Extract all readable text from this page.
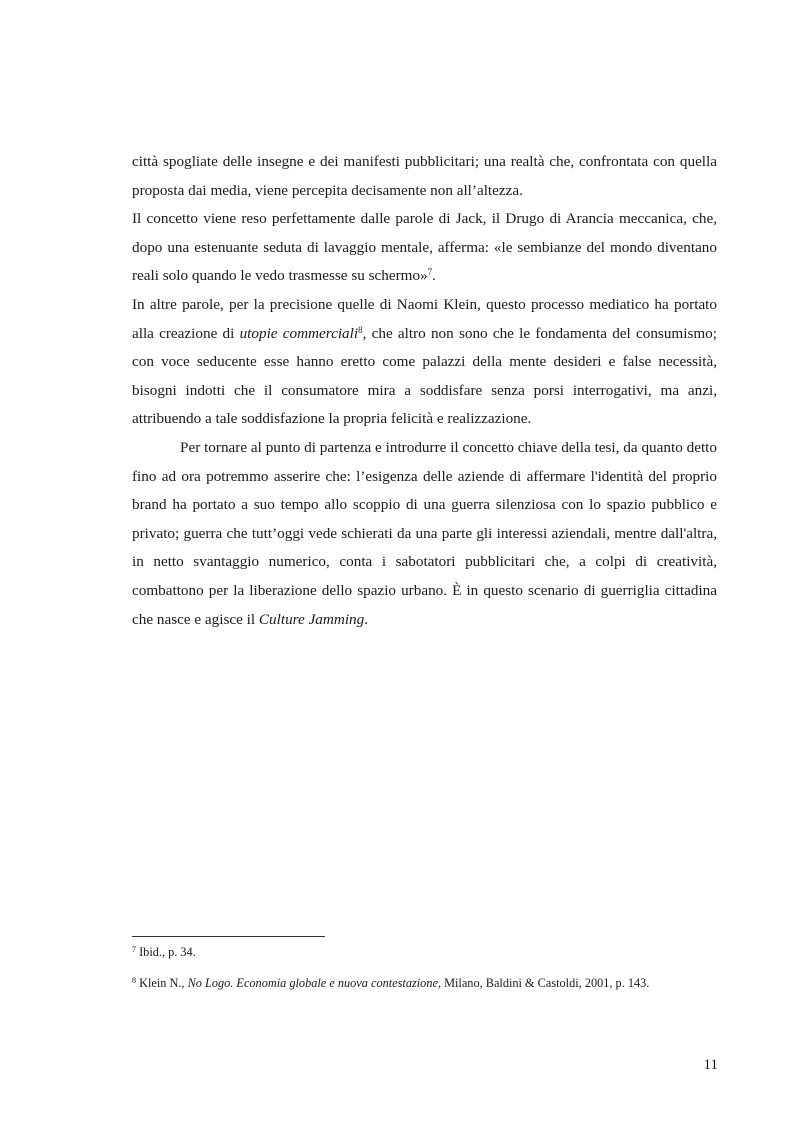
città spogliate delle insegne e dei manifesti pubblicitari; una realtà che, confrontata con quella proposta dai media, viene percepita decisamente non all’altezza.

Il concetto viene reso perfettamente dalle parole di Jack, il Drugo di Arancia meccanica, che, dopo una estenuante seduta di lavaggio mentale, afferma: «le sembianze del mondo diventano reali solo quando le vedo trasmesse su schermo»$^7$.

In altre parole, per la precisione quelle di Naomi Klein, questo processo mediatico ha portato alla creazione di utopie commerciali$^8$, che altro non sono che le fondamenta del consumismo; con voce seducente esse hanno eretto come palazzi della mente desideri e false necessità, bisogni indotti che il consumatore mira a soddisfare senza porsi interrogativi, ma anzi, attribuendo a tale soddisfazione la propria felicità e realizzazione.

Per tornare al punto di partenza e introdurre il concetto chiave della tesi, da quanto detto fino ad ora potremmo asserire che: l’esigenza delle aziende di affermare l'identità del proprio brand ha portato a suo tempo allo scoppio di una guerra silenziosa con lo spazio pubblico e privato; guerra che tutt’oggi vede schierati da una parte gli interessi aziendali, mentre dall'altra, in netto svantaggio numerico, conta i sabotatori pubblicitari che, a colpi di creatività, combattono per la liberazione dello spazio urbano. È in questo scenario di guerriglia cittadina che nasce e agisce il Culture Jamming.

$^7$ Ibid., p. 34.
$^8$ Klein N., No Logo. Economia globale e nuova contestazione, Milano, Baldini & Castoldi, 2001, p. 143.
11
